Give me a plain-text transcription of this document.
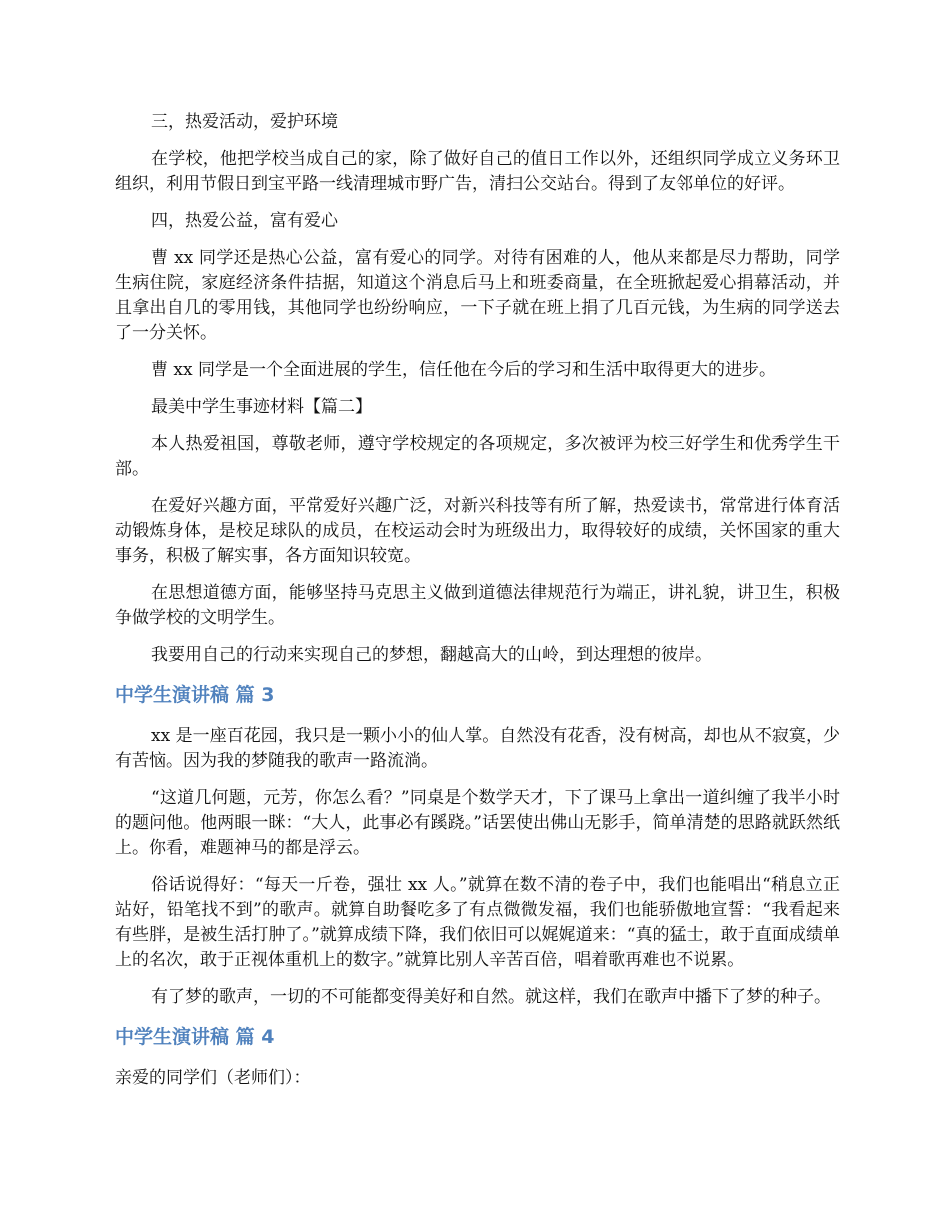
三，热爱活动，爱护环境

在学校，他把学校当成自己的家，除了做好自己的值日工作以外，还组织同学成立义务环卫组织，利用节假日到宝平路一线清理城市野广告，清扫公交站台。得到了友邻单位的好评。

四，热爱公益，富有爱心

曹 xx 同学还是热心公益，富有爱心的同学。对待有困难的人，他从来都是尽力帮助，同学生病住院，家庭经济条件拮据，知道这个消息后马上和班委商量，在全班掀起爱心捐幕活动，并且拿出自几的零用钱，其他同学也纷纷响应，一下子就在班上捐了几百元钱，为生病的同学送去了一分关怀。

曹 xx 同学是一个全面进展的学生，信任他在今后的学习和生活中取得更大的进步。

最美中学生事迹材料【篇二】

本人热爱祖国，尊敬老师，遵守学校规定的各项规定，多次被评为校三好学生和优秀学生干部。

在爱好兴趣方面，平常爱好兴趣广泛，对新兴科技等有所了解，热爱读书，常常进行体育活动锻炼身体，是校足球队的成员，在校运动会时为班级出力，取得较好的成绩，关怀国家的重大事务，积极了解实事，各方面知识较宽。

在思想道德方面，能够坚持马克思主义做到道德法律规范行为端正，讲礼貌，讲卫生，积极争做学校的文明学生。

我要用自己的行动来实现自己的梦想，翻越高大的山岭，到达理想的彼岸。

中学生演讲稿 篇 3

xx 是一座百花园，我只是一颗小小的仙人掌。自然没有花香，没有树高，却也从不寂寞，少有苦恼。因为我的梦随我的歌声一路流淌。

“这道几何题，元芳，你怎么看？”同桌是个数学天才，下了课马上拿出一道纠缠了我半小时的题问他。他两眼一眯：“大人，此事必有蹊跷。”话罢使出佛山无影手，简单清楚的思路就跃然纸上。你看，难题神马的都是浮云。

俗话说得好：“每天一斤卷，强壮 xx 人。”就算在数不清的卷子中，我们也能唱出“稍息立正站好，铅笔找不到”的歌声。就算自助餐吃多了有点微微发福，我们也能骄傲地宣誓：“我看起来有些胖，是被生活打肿了。”就算成绩下降，我们依旧可以娓娓道来：“真的猛士，敢于直面成绩单上的名次，敢于正视体重机上的数字。”就算比别人辛苦百倍，唱着歌再难也不说累。

有了梦的歌声，一切的不可能都变得美好和自然。就这样，我们在歌声中播下了梦的种子。

中学生演讲稿 篇 4

亲爱的同学们（老师们）：
